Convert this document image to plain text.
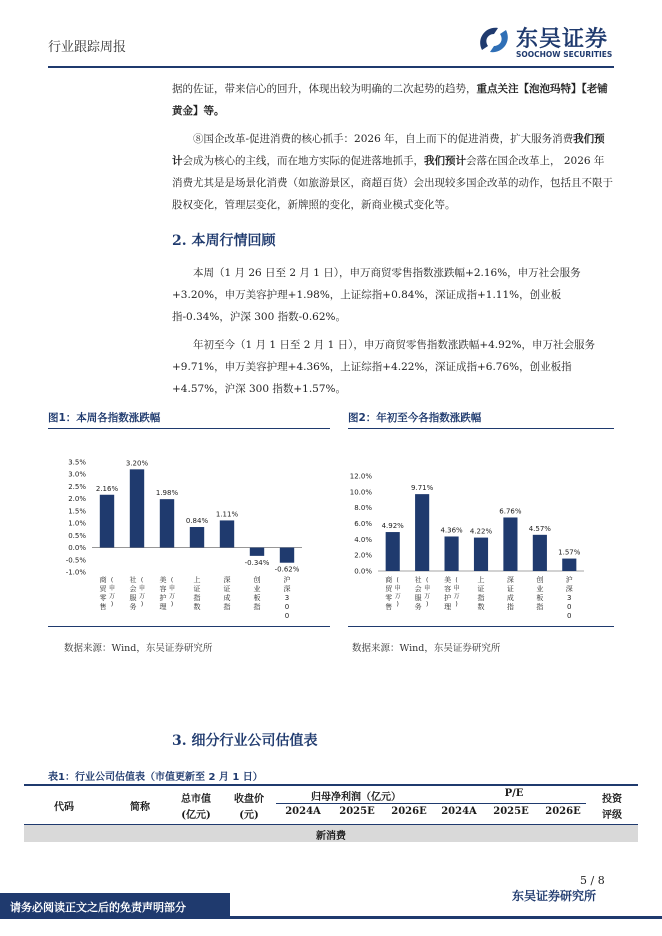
行业跟踪周报	东吴证券
SOOCHOW SECURITIES
据的佐证，带来信心的回升，体现出较为明确的二次起势的趋势，重点关注【泡泡玛特】【老铺黄金】等。
⑧国企改革-促进消费的核心抓手：2026 年，自上而下的促进消费，扩大服务消费我们预计会成为核心的主线，而在地方实际的促进落地抓手，我们预计会落在国企改革上， 2026 年消费尤其是是场景化消费（如旅游景区，商超百货）会出现较多国企改革的动作，包括且不限于股权变化，管理层变化，新牌照的变化，新商业模式变化等。
2. 本周行情回顾
本周（1 月 26 日至 2 月 1 日），申万商贸零售指数涨跌幅+2.16%，申万社会服务+3.20%，申万美容护理+1.98%，上证综指+0.84%，深证成指+1.11%，创业板指-0.34%，沪深 300 指数-0.62%。
年初至今（1 月 1 日至 2 月 1 日），申万商贸零售指数涨跌幅+4.92%，申万社会服务+9.71%，申万美容护理+4.36%，上证综指+4.22%，深证成指+6.76%，创业板指+4.57%，沪深 300 指数+1.57%。
图1：本周各指数涨跌幅	图2：年初至今各指数涨跌幅
-1.0%
-0.5%
0.0%
0.5%
1.0%
1.5%
2.0%
2.5%
3.0%
3.5%
2.16%
商贸零售
(申万)
3.20%
社会服务
(申万)
1.98%
美容护理
(申万)
0.84%
上证指数
1.11%
深证成指
-0.34%
创业板指
-0.62%
沪深 3 0 0
0.0%
2.0%
4.0%
6.0%
8.0%
10.0%
12.0%
4.92%
商贸零售
(申万)
9.71%
社会服务
(申万)
4.36%
美容护理
(申万)
4.22%
上证指数
6.76%
深证成指
4.57%
创业板指
1.57%
沪深 3 0 0
数据来源：Wind，东吴证券研究所	数据来源：Wind，东吴证券研究所
3. 细分行业公司估值表
表1：行业公司估值表（市值更新至 2 月 1 日）
代码	简称
总市值
(亿元)
收盘价
(元)
归母净利润（亿元）	P/E
2024A	2025E	2026E	2024A	2025E	2026E
投资
评级
新消费
5 / 8
请务必阅读正文之后的免责声明部分
东吴证券研究所
